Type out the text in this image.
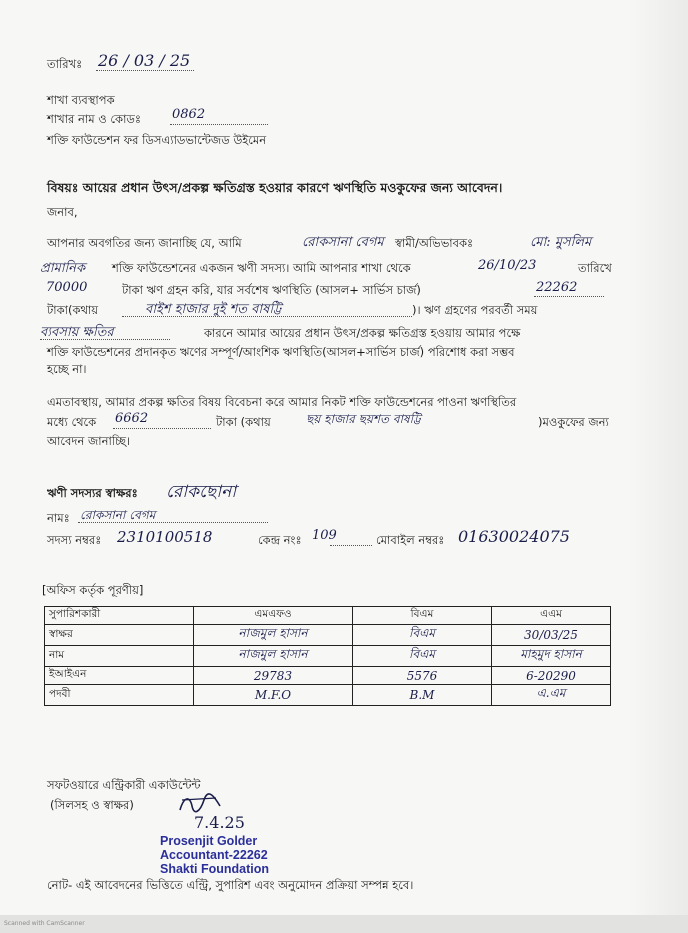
তারিখঃ 26 / 03 / 25
শাখা ব্যবস্থাপক
শাখার নাম ও কোডঃ 0862
শক্তি ফাউন্ডেশন ফর ডিসএ্যাডভান্টেজড উইমেন
বিষয়ঃ আয়ের প্রধান উৎস/প্রকল্প ক্ষতিগ্রস্ত হওয়ার কারণে ঋণস্থিতি মওকুফের জন্য আবেদন।
জনাব,
আপনার অবগতির জন্য জানাচ্ছি যে, আমি	রোকসানা বেগম স্বামী/অভিভাবকঃ	মো: মুসলিম
প্রামানিক শক্তি ফাউন্ডেশনের একজন ঋণী সদস্য। আমি আপনার শাখা থেকে	26/10/23	তারিখে
70000	টাকা ঋণ গ্রহন করি, যার সর্বশেষ ঋণস্থিতি (আসল+ সার্ভিস চার্জ)	22262
টাকা(কথায়	বাইশ হাজার দুই শত বাষট্টি	)। ঋণ গ্রহণের পরবর্তী সময়
ব্যবসায় ক্ষতির	কারনে আমার আয়ের প্রধান উৎস/প্রকল্প ক্ষতিগ্রস্ত হওয়ায় আমার পক্ষে
শক্তি ফাউন্ডেশনের প্রদানকৃত ঋণের সম্পূর্ণ/আংশিক ঋণস্থিতি(আসল+সার্ভিস চার্জ) পরিশোধ করা সম্ভব
হচ্ছে না।
এমতাবস্থায়, আমার প্রকল্প ক্ষতির বিষয় বিবেচনা করে আমার নিকট শক্তি ফাউন্ডেশনের পাওনা ঋণস্থিতির
মধ্যে থেকে 6662	টাকা (কথায়	ছয় হাজার ছয়শত বাষট্টি	)মওকুফের জন্য
আবেদন জানাচ্ছি।
ঋণী সদস্যর স্বাক্ষরঃ রোকছোনা
নামঃ রোকসানা বেগম
সদস্য নম্বরঃ 2310100518	কেন্দ্র নংঃ 109	মোবাইল নম্বরঃ 01630024075
[অফিস কর্তৃক পূরণীয়]
সুপারিশকারী	এমএফও	বিএম	এএম
স্বাক্ষর	নাজমুল হাসান	বিএম	30/03/25
নাম	নাজমুল হাসান	বিএম	মাহমুদ হাসান
ইআইএন	29783	5576	6-20290
পদবী	M.F.O	B.M	এ.এম
সফটওয়ারে এন্ট্রিকারী একাউন্টেন্ট
(সিলসহ ও স্বাক্ষর)
7.4.25
Prosenjit Golder
Accountant-22262
Shakti Foundation
নোট- এই আবেদনের ভিত্তিতে এন্ট্রি, সুপারিশ এবং অনুমোদন প্রক্রিয়া সম্পন্ন হবে।
Scanned with CamScanner
